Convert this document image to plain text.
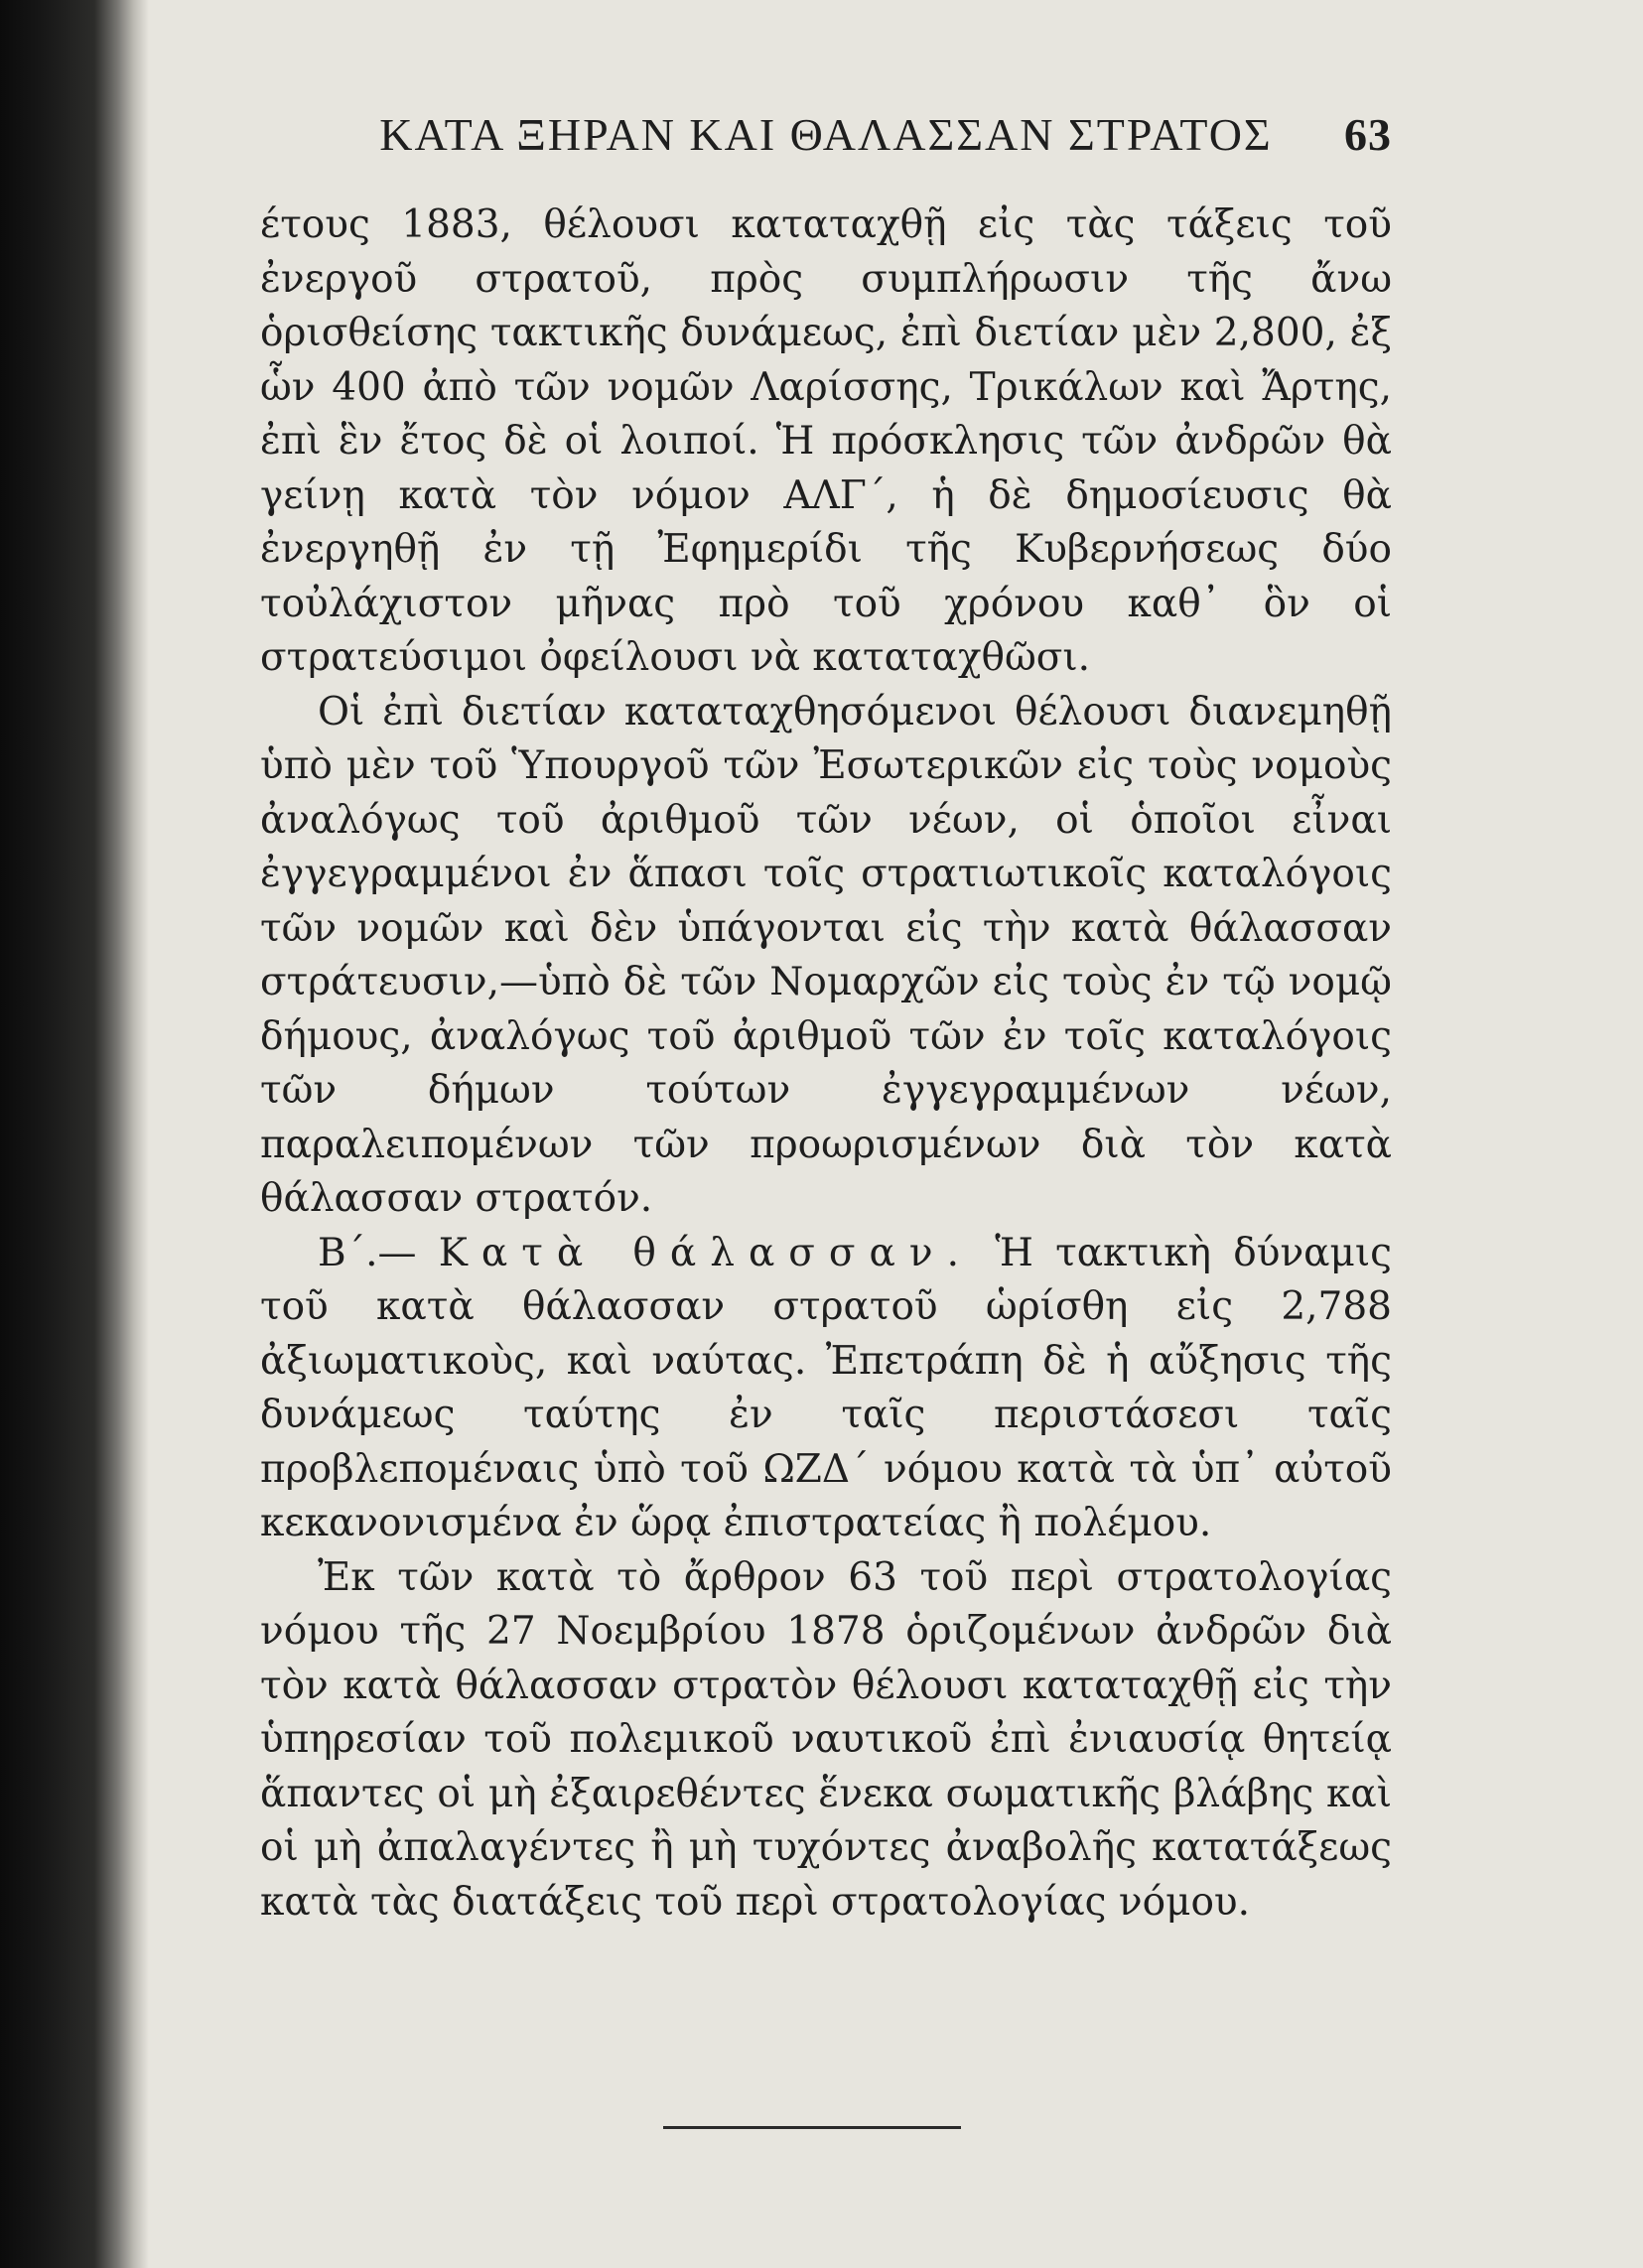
ΚΑΤΑ ΞΗΡΑΝ ΚΑΙ ΘΑΛΑΣΣΑΝ ΣΤΡΑΤΟΣ 63

έτους 1883, θέλουσι καταταχθῇ εἰς τὰς τάξεις τοῦ ἐνεργοῦ στρατοῦ, πρὸς συμπλήρωσιν τῆς ἄνω ὁρισθείσης τακτικῆς δυνάμεως, ἐπὶ διετίαν μὲν 2,800, ἐξ ὧν 400 ἀπὸ τῶν νομῶν Λαρίσσης, Τρικάλων καὶ Ἄρτης, ἐπὶ ἓν ἔτος δὲ οἱ λοιποί. Ἡ πρόσκλησις τῶν ἀνδρῶν θὰ γείνῃ κατὰ τὸν νόμον ΑΛΓ΄, ἡ δὲ δημοσίευσις θὰ ἐνεργηθῇ ἐν τῇ Ἐφημερίδι τῆς Κυβερνήσεως δύο τοὐλάχιστον μῆνας πρὸ τοῦ χρόνου καθ᾽ ὃν οἱ στρατεύσιμοι ὀφείλουσι νὰ καταταχθῶσι.

Οἱ ἐπὶ διετίαν καταταχθησόμενοι θέλουσι διανεμηθῇ ὑπὸ μὲν τοῦ Ὑπουργοῦ τῶν Ἐσωτερικῶν εἰς τοὺς νομοὺς ἀναλόγως τοῦ ἀριθμοῦ τῶν νέων, οἱ ὁποῖοι εἶναι ἐγγεγραμμένοι ἐν ἅπασι τοῖς στρατιωτικοῖς καταλόγοις τῶν νομῶν καὶ δὲν ὑπάγονται εἰς τὴν κατὰ θάλασσαν στράτευσιν,—ὑπὸ δὲ τῶν Νομαρχῶν εἰς τοὺς ἐν τῷ νομῷ δήμους, ἀναλόγως τοῦ ἀριθμοῦ τῶν ἐν τοῖς καταλόγοις τῶν δήμων τούτων ἐγγεγραμμένων νέων, παραλειπομένων τῶν προωρισμένων διὰ τὸν κατὰ θάλασσαν στρατόν.

Β΄.— Κατὰ θάλασσαν. Ἡ τακτικὴ δύναμις τοῦ κατὰ θάλασσαν στρατοῦ ὡρίσθη εἰς 2,788 ἀξιωματικοὺς, καὶ ναύτας. Ἐπετράπη δὲ ἡ αὔξησις τῆς δυνάμεως ταύτης ἐν ταῖς περιστάσεσι ταῖς προβλεπομέναις ὑπὸ τοῦ ΩΖΔ΄ νόμου κατὰ τὰ ὑπ᾽ αὐτοῦ κεκανονισμένα ἐν ὥρᾳ ἐπιστρατείας ἢ πολέμου.

Ἐκ τῶν κατὰ τὸ ἄρθρον 63 τοῦ περὶ στρατολογίας νόμου τῆς 27 Νοεμβρίου 1878 ὁριζομένων ἀνδρῶν διὰ τὸν κατὰ θάλασσαν στρατὸν θέλουσι καταταχθῇ εἰς τὴν ὑπηρεσίαν τοῦ πολεμικοῦ ναυτικοῦ ἐπὶ ἐνιαυσίᾳ θητείᾳ ἅπαντες οἱ μὴ ἐξαιρεθέντες ἕνεκα σωματικῆς βλάβης καὶ οἱ μὴ ἀπαλαγέντες ἢ μὴ τυχόντες ἀναβολῆς κατατάξεως κατὰ τὰς διατάξεις τοῦ περὶ στρατολογίας νόμου.
